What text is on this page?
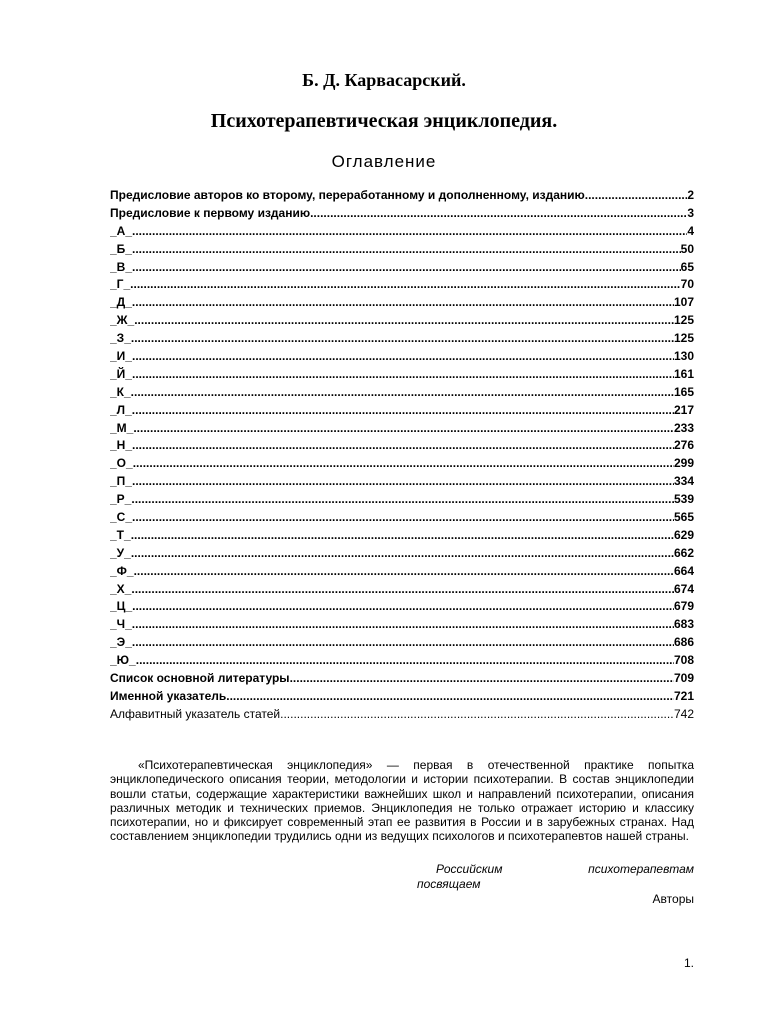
Б. Д. Карвасарский.
Психотерапевтическая энциклопедия.
Оглавление
Предисловие авторов ко второму, переработанному и дополненному, изданию .....	2
Предисловие к первому изданию .....	3
_А_ .....	4
_Б_ .....	50
_В_ .....	65
_Г_ .....	70
_Д_ .....	107
_Ж_ .....	125
_З_ .....	125
_И_ .....	130
_Й_ .....	161
_К_ .....	165
_Л_ .....	217
_М_ .....	233
_Н_ .....	276
_О_ .....	299
_П_ .....	334
_Р_ .....	539
_С_ .....	565
_Т_ .....	629
_У_ .....	662
_Ф_ .....	664
_Х_ .....	674
_Ц_ .....	679
_Ч_ .....	683
_Э_ .....	686
_Ю_ .....	708
Список основной литературы .....	709
Именной указатель .....	721
Алфавитный указатель статей .....	742

«Психотерапевтическая энциклопедия» — первая в отечественной практике попытка энциклопедического описания теории, методологии и истории психотерапии. В состав энциклопедии вошли статьи, содержащие характеристики важнейших школ и направлений психотерапии, описания различных методик и технических приемов. Энциклопедия не только отражает историю и классику психотерапии, но и фиксирует современный этап ее развития в России и в зарубежных странах. Над составлением энциклопедии трудились одни из ведущих психологов и психотерапевтов нашей страны.

Российским	психотерапевтам
посвящаем
Авторы
1.
